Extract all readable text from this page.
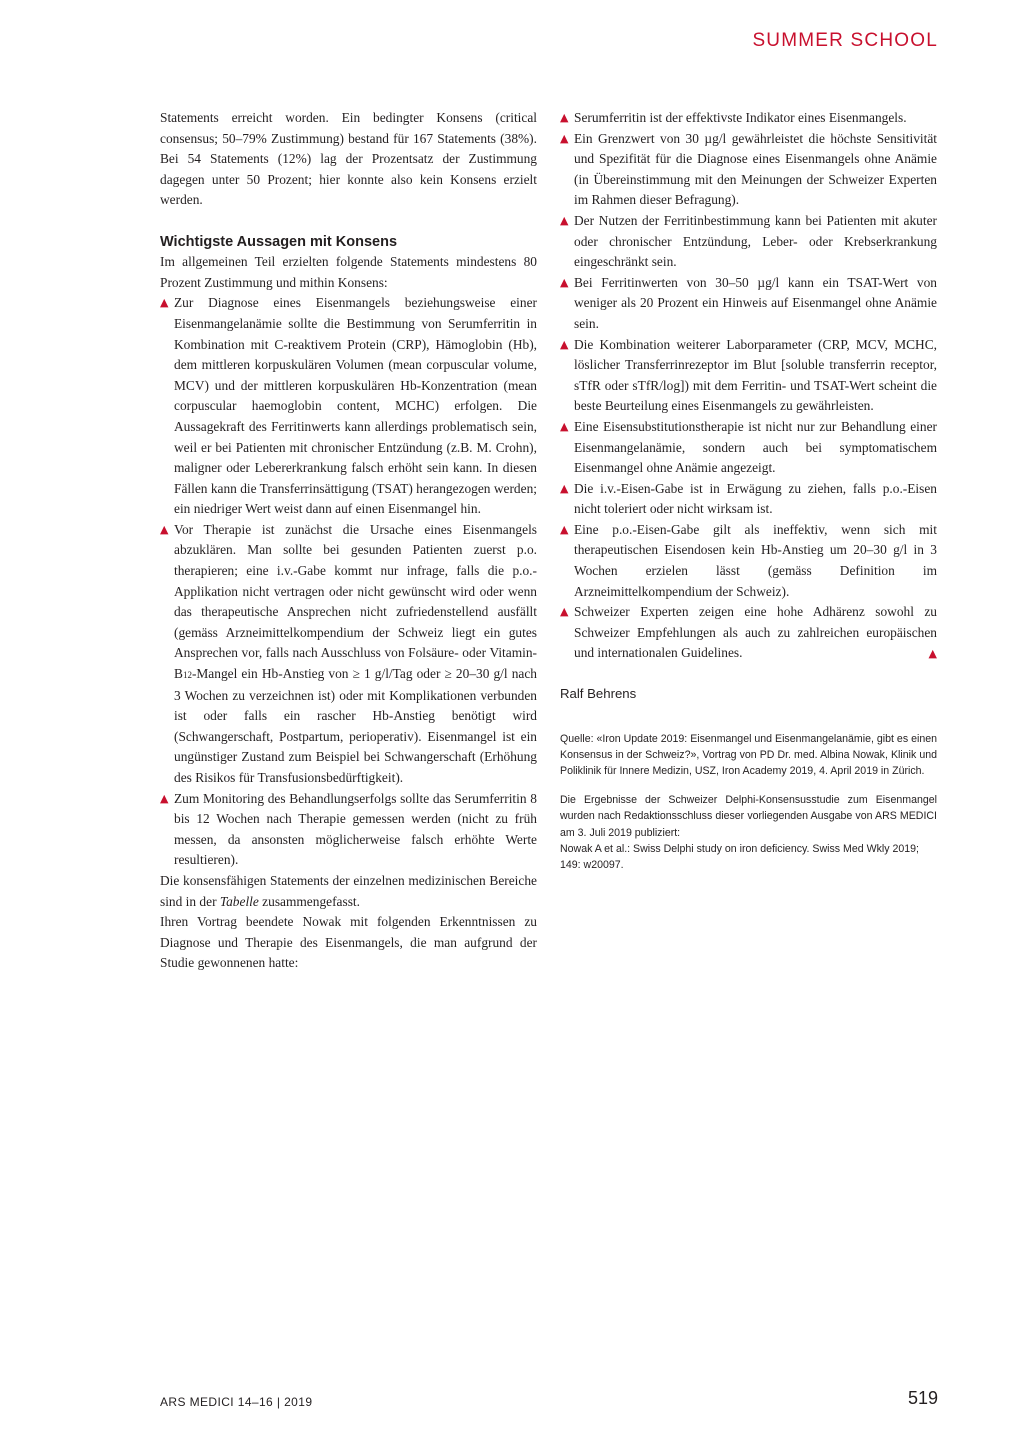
SUMMER SCHOOL

Statements erreicht worden. Ein bedingter Konsens (critical consensus; 50–79% Zustimmung) bestand für 167 Statements (38%). Bei 54 Statements (12%) lag der Prozentsatz der Zustimmung dagegen unter 50 Prozent; hier konnte also kein Konsens erzielt werden.

Wichtigste Aussagen mit Konsens

Im allgemeinen Teil erzielten folgende Statements mindestens 80 Prozent Zustimmung und mithin Konsens:

▲ Zur Diagnose eines Eisenmangels beziehungsweise einer Eisenmangelanämie sollte die Bestimmung von Serumferritin in Kombination mit C-reaktivem Protein (CRP), Hämoglobin (Hb), dem mittleren korpuskulären Volumen (mean corpuscular volume, MCV) und der mittleren korpuskulären Hb-Konzentration (mean corpuscular haemoglobin content, MCHC) erfolgen. Die Aussagekraft des Ferritinwerts kann allerdings problematisch sein, weil er bei Patienten mit chronischer Entzündung (z.B. M. Crohn), maligner oder Lebererkrankung falsch erhöht sein kann. In diesen Fällen kann die Transferrinsättigung (TSAT) herangezogen werden; ein niedriger Wert weist dann auf einen Eisenmangel hin.

▲ Vor Therapie ist zunächst die Ursache eines Eisenmangels abzuklären. Man sollte bei gesunden Patienten zuerst p.o. therapieren; eine i.v.-Gabe kommt nur infrage, falls die p.o.-Applikation nicht vertragen oder nicht gewünscht wird oder wenn das therapeutische Ansprechen nicht zufriedenstellend ausfällt (gemäss Arzneimittelkompendium der Schweiz liegt ein gutes Ansprechen vor, falls nach Ausschluss von Folsäure- oder Vitamin-B12-Mangel ein Hb-Anstieg von ≥ 1 g/l/Tag oder ≥ 20–30 g/l nach 3 Wochen zu verzeichnen ist) oder mit Komplikationen verbunden ist oder falls ein rascher Hb-Anstieg benötigt wird (Schwangerschaft, Postpartum, perioperativ). Eisenmangel ist ein ungünstiger Zustand zum Beispiel bei Schwangerschaft (Erhöhung des Risikos für Transfusionsbedürftigkeit).

▲ Zum Monitoring des Behandlungserfolgs sollte das Serumferritin 8 bis 12 Wochen nach Therapie gemessen werden (nicht zu früh messen, da ansonsten möglicherweise falsch erhöhte Werte resultieren).

Die konsensfähigen Statements der einzelnen medizinischen Bereiche sind in der Tabelle zusammengefasst.

Ihren Vortrag beendete Nowak mit folgenden Erkenntnissen zu Diagnose und Therapie des Eisenmangels, die man aufgrund der Studie gewonnenen hatte:

▲ Serumferritin ist der effektivste Indikator eines Eisenmangels.

▲ Ein Grenzwert von 30 µg/l gewährleistet die höchste Sensitivität und Spezifität für die Diagnose eines Eisenmangels ohne Anämie (in Übereinstimmung mit den Meinungen der Schweizer Experten im Rahmen dieser Befragung).

▲ Der Nutzen der Ferritinbestimmung kann bei Patienten mit akuter oder chronischer Entzündung, Leber- oder Krebserkrankung eingeschränkt sein.

▲ Bei Ferritinwerten von 30–50 µg/l kann ein TSAT-Wert von weniger als 20 Prozent ein Hinweis auf Eisenmangel ohne Anämie sein.

▲ Die Kombination weiterer Laborparameter (CRP, MCV, MCHC, löslicher Transferrinrezeptor im Blut [soluble transferrin receptor, sTfR oder sTfR/log]) mit dem Ferritin- und TSAT-Wert scheint die beste Beurteilung eines Eisenmangels zu gewährleisten.

▲ Eine Eisensubstitutionstherapie ist nicht nur zur Behandlung einer Eisenmangelanämie, sondern auch bei symptomatischem Eisenmangel ohne Anämie angezeigt.

▲ Die i.v.-Eisen-Gabe ist in Erwägung zu ziehen, falls p.o.-Eisen nicht toleriert oder nicht wirksam ist.

▲ Eine p.o.-Eisen-Gabe gilt als ineffektiv, wenn sich mit therapeutischen Eisendosen kein Hb-Anstieg um 20–30 g/l in 3 Wochen erzielen lässt (gemäss Definition im Arzneimittelkompendium der Schweiz).

▲ Schweizer Experten zeigen eine hohe Adhärenz sowohl zu Schweizer Empfehlungen als auch zu zahlreichen europäischen und internationalen Guidelines.	▲

Ralf Behrens

Quelle: «Iron Update 2019: Eisenmangel und Eisenmangelanämie, gibt es einen Konsensus in der Schweiz?», Vortrag von PD Dr. med. Albina Nowak, Klinik und Poliklinik für Innere Medizin, USZ, Iron Academy 2019, 4. April 2019 in Zürich.

Die Ergebnisse der Schweizer Delphi-Konsensusstudie zum Eisenmangel wurden nach Redaktionsschluss dieser vorliegenden Ausgabe von ARS MEDICI am 3. Juli 2019 publiziert:

Nowak A et al.: Swiss Delphi study on iron deficiency. Swiss Med Wkly 2019; 149: w20097.

ARS MEDICI 14–16 | 2019	519
